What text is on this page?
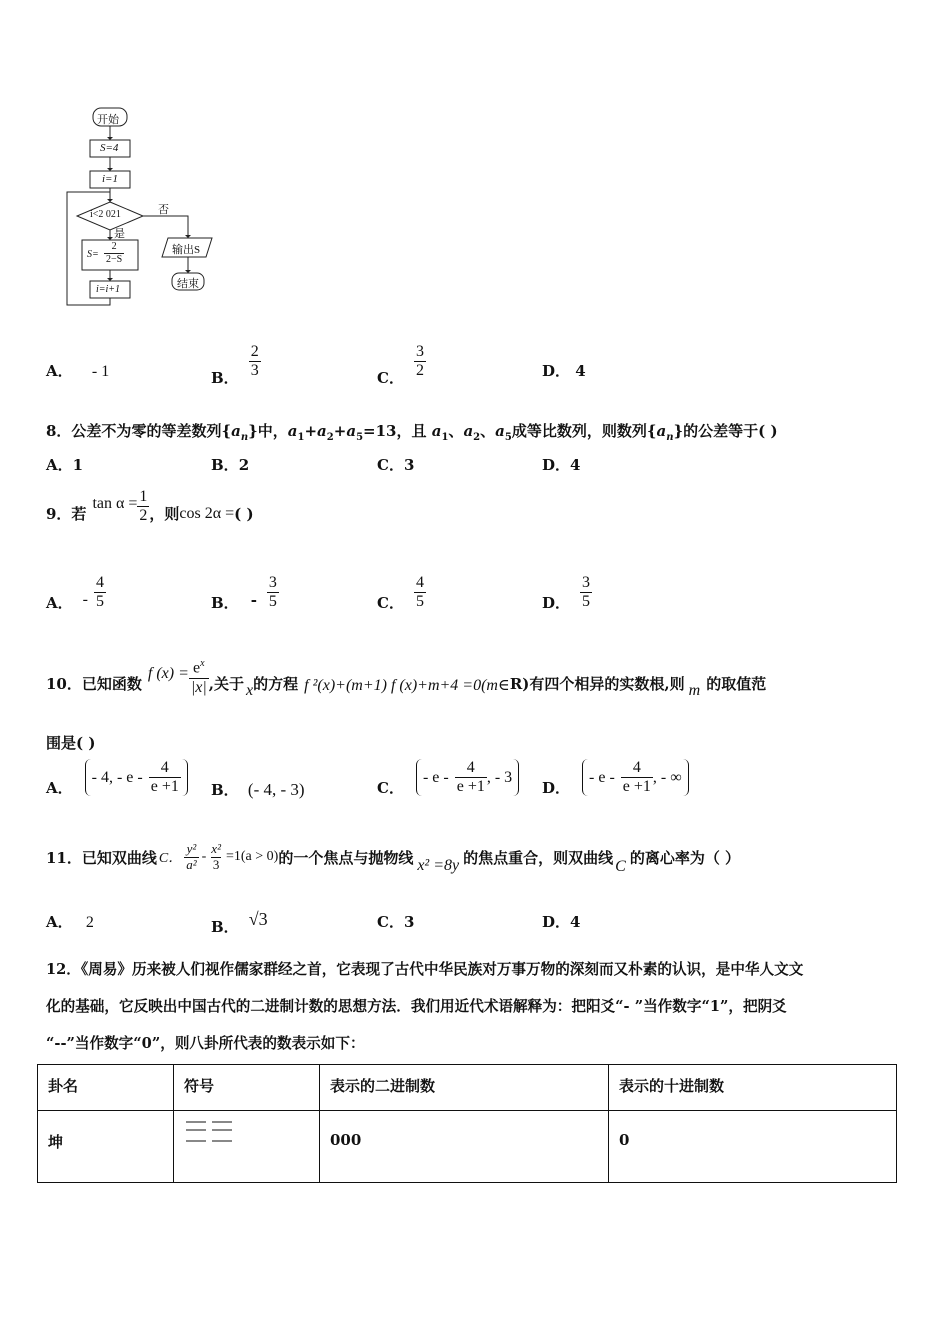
开始
S=4
i=1
i<2 021	否
是
$S= \frac{2}{2-S}$
i=i+1
输出S
结束
A． - 1	B． $\frac{2}{3}$	C． $\frac{3}{2}$	D． 4
8．公差不为零的等差数列$\{a_n\}$中，$a_1+a_2+a_5=13$，且 $a_1$、$a_2$、$a_5$成等比数列，则数列$\{a_n\}$的公差等于( )
A．1	B．2	C．3	D．4
9．若
$\tan \alpha = \frac{1}{2}$ ，则 cos 2α = ( )
A． - $\frac{4}{5}$	B． - $\frac{3}{5}$	C． $\frac{4}{5}$	D． $\frac{3}{5}$
10．已知函数
f $(x) = \frac{e^x}{|x|}$ ,关于 x 的方程 f ²(x)+(m+1) f (x)+m+4 =0(m∈ R)有四个相异的实数根,则 m 的取值范
围是( )
A．
- 4, - e - $\frac{4}{e +1}$ B． (- 4, - 3)	C．
- e - $\frac{4}{e +1}$ , - 3
D．
- e - $\frac{4}{e +1}$ , - ∞
11．已知双曲线 C． $\frac{\text{y²}}{\text{a²}} - \frac{\text{x²}}{3} =1(a > 0)$ 的一个焦点与抛物线 x² =8y 的焦点重合，则双曲线 C 的离心率为（ ）
A． 2	B． √3	C．3	D．4
12．《周易》历来被人们视作儒家群经之首，它表现了古代中华民族对万事万物的深刻而又朴素的认识，是中华人文文
化的基础，它反映出中国古代的二进制计数的思想方法．我们用近代术语解释为：把阳爻“- ”当作数字“1”，把阴爻
“--”当作数字“0”，则八卦所代表的数表示如下：
卦名	符号	表示的二进制数	表示的十进制数
坤		000	0
